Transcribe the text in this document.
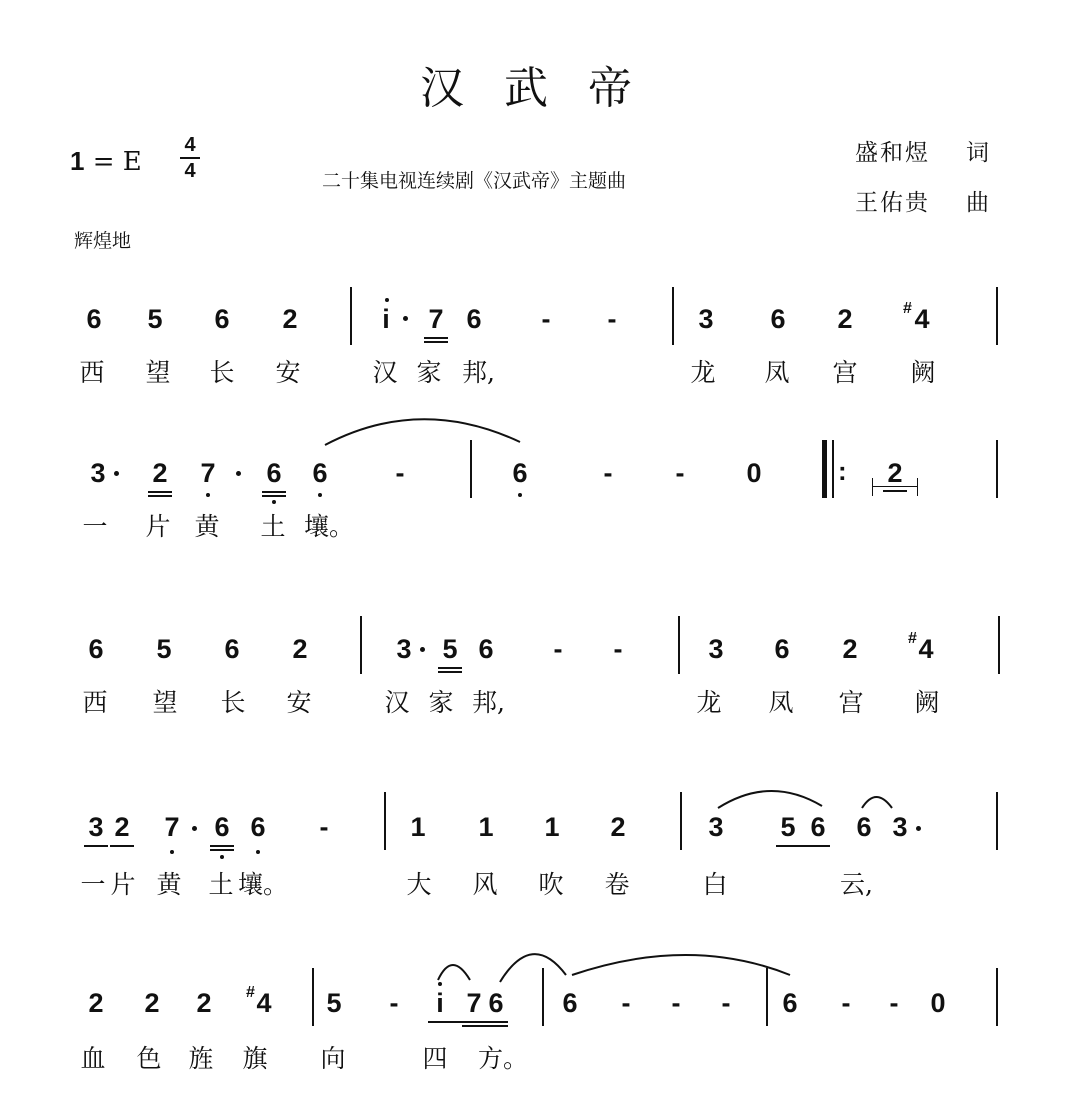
汉武帝
1 = E
4
4	二十集电视连续剧《汉武帝》主题曲
盛和煜 词
王佑贵 曲
辉煌地
6 5 6 2	i	7 6 - -	3 6 2	# 4
西 望 长 安	汉 家 邦,	龙 凤 宫 阙
3 2 7 6 6	-	6	- - 0	: 2
一 片 黄 土 壤。
6 5 6 2	3 5 6 - -	3 6 2	# 4
西 望 长 安	汉 家 邦,	龙 凤 宫 阙
3 2 7 6 6 -	1 1 1 2	3 5 6 6 3
一 片 黄 土 壤。	大 风 吹 卷	白	云,
2 2 2 # 4 5 -	i 7 6 6 - - - 6 - - 0
血 色 旌 旗 向	四 方。
